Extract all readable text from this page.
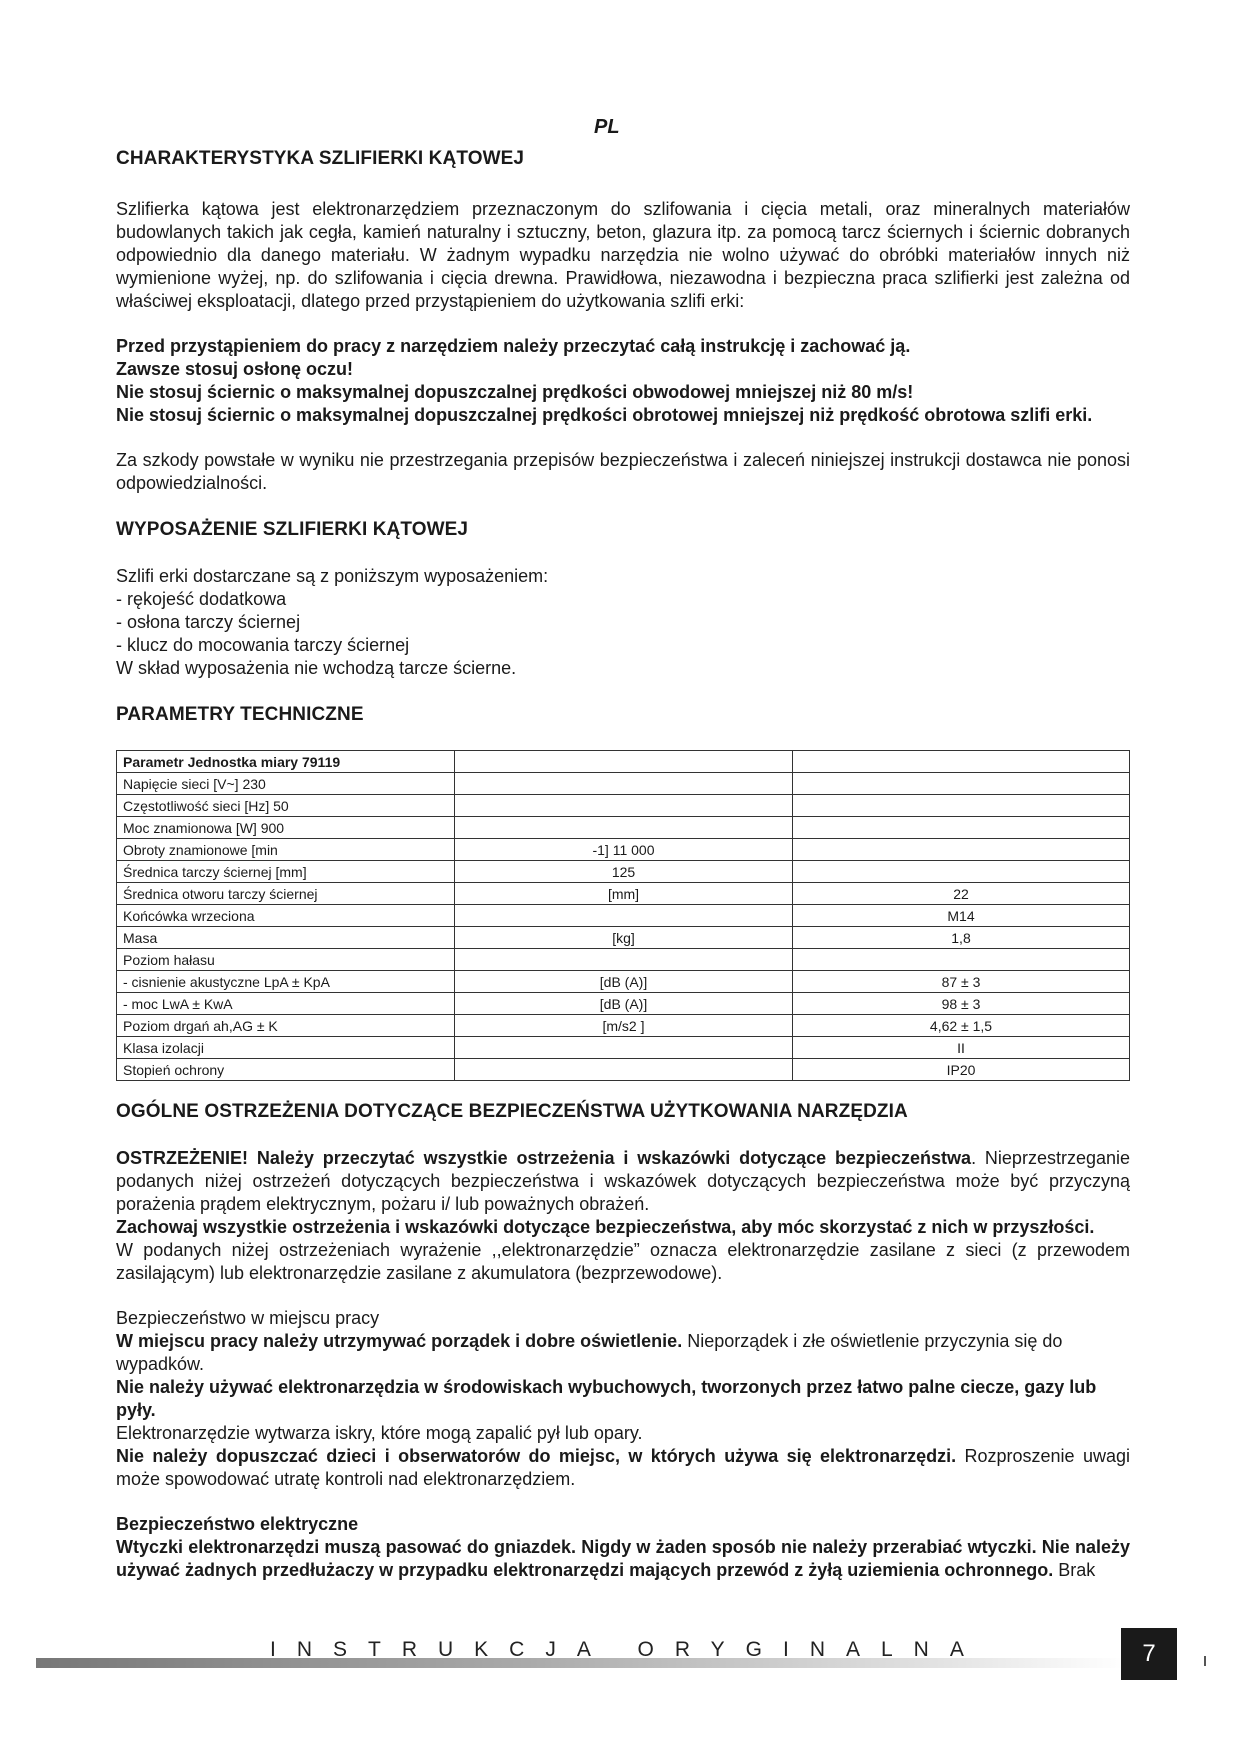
PL
CHARAKTERYSTYKA SZLIFIERKI KĄTOWEJ

Szlifierka kątowa jest elektronarzędziem przeznaczonym do szlifowania i cięcia metali, oraz mineralnych materiałów budowlanych takich jak cegła, kamień naturalny i sztuczny, beton, glazura itp. za pomocą tarcz ściernych i ściernic dobranych odpowiednio dla danego materiału. W żadnym wypadku narzędzia nie wolno używać do obróbki materiałów innych niż wymienione wyżej, np. do szlifowania i cięcia drewna. Prawidłowa, niezawodna i bezpieczna praca szlifierki jest zależna od właściwej eksploatacji, dlatego przed przystąpieniem do użytkowania szlifi erki:

Przed przystąpieniem do pracy z narzędziem należy przeczytać całą instrukcję i zachować ją.

Zawsze stosuj osłonę oczu!

Nie stosuj ściernic o maksymalnej dopuszczalnej prędkości obwodowej mniejszej niż 80 m/s!

Nie stosuj ściernic o maksymalnej dopuszczalnej prędkości obrotowej mniejszej niż prędkość obrotowa szlifi erki.

Za szkody powstałe w wyniku nie przestrzegania przepisów bezpieczeństwa i zaleceń niniejszej instrukcji dostawca nie ponosi odpowiedzialności.

WYPOSAŻENIE SZLIFIERKI KĄTOWEJ

Szlifi erki dostarczane są z poniższym wyposażeniem:

- rękojeść dodatkowa
- osłona tarczy ściernej
- klucz do mocowania tarczy ściernej

W skład wyposażenia nie wchodzą tarcze ścierne.

PARAMETRY TECHNICZNE
Parametr Jednostka miary 79119		
Napięcie sieci [V~] 230		
Częstotliwość sieci [Hz] 50		
Moc znamionowa [W] 900		
Obroty znamionowe [min	-1] 11 000	
Średnica tarczy ściernej [mm]	125	
Średnica otworu tarczy ściernej	[mm]	22
Końcówka wrzeciona		M14
Masa	[kg]	1,8
Poziom hałasu		
- cisnienie akustyczne LpA ± KpA	[dB (A)]	87 ± 3
- moc LwA ± KwA	[dB (A)]	98 ± 3
Poziom drgań ah,AG ± K	[m/s2 ]	4,62 ± 1,5
Klasa izolacji		II
Stopień ochrony		IP20
OGÓLNE OSTRZEŻENIA DOTYCZĄCE BEZPIECZEŃSTWA UŻYTKOWANIA NARZĘDZIA

OSTRZEŻENIE! Należy przeczytać wszystkie ostrzeżenia i wskazówki dotyczące bezpieczeństwa. Nieprzestrzeganie podanych niżej ostrzeżeń dotyczących bezpieczeństwa i wskazówek dotyczących bezpieczeństwa może być przyczyną porażenia prądem elektrycznym, pożaru i/ lub poważnych obrażeń.

Zachowaj wszystkie ostrzeżenia i wskazówki dotyczące bezpieczeństwa, aby móc skorzystać z nich w przyszłości.

W podanych niżej ostrzeżeniach wyrażenie ,,elektronarzędzie” oznacza elektronarzędzie zasilane z sieci (z przewodem zasilającym) lub elektronarzędzie zasilane z akumulatora (bezprzewodowe).

Bezpieczeństwo w miejscu pracy

W miejscu pracy należy utrzymywać porządek i dobre oświetlenie. Nieporządek i złe oświetlenie przyczynia się do wypadków.

Nie należy używać elektronarzędzia w środowiskach wybuchowych, tworzonych przez łatwo palne ciecze, gazy lub pyły.

Elektronarzędzie wytwarza iskry, które mogą zapalić pył lub opary.

Nie należy dopuszczać dzieci i obserwatorów do miejsc, w których używa się elektronarzędzi. Rozproszenie uwagi może spowodować utratę kontroli nad elektronarzędziem.

Bezpieczeństwo elektryczne

Wtyczki elektronarzędzi muszą pasować do gniazdek. Nigdy w żaden sposób nie należy przerabiać wtyczki. Nie należy używać żadnych przedłużaczy w przypadku elektronarzędzi mających przewód z żyłą uziemienia ochronnego. Brak

INSTRUKCJA ORYGINALNA	7
